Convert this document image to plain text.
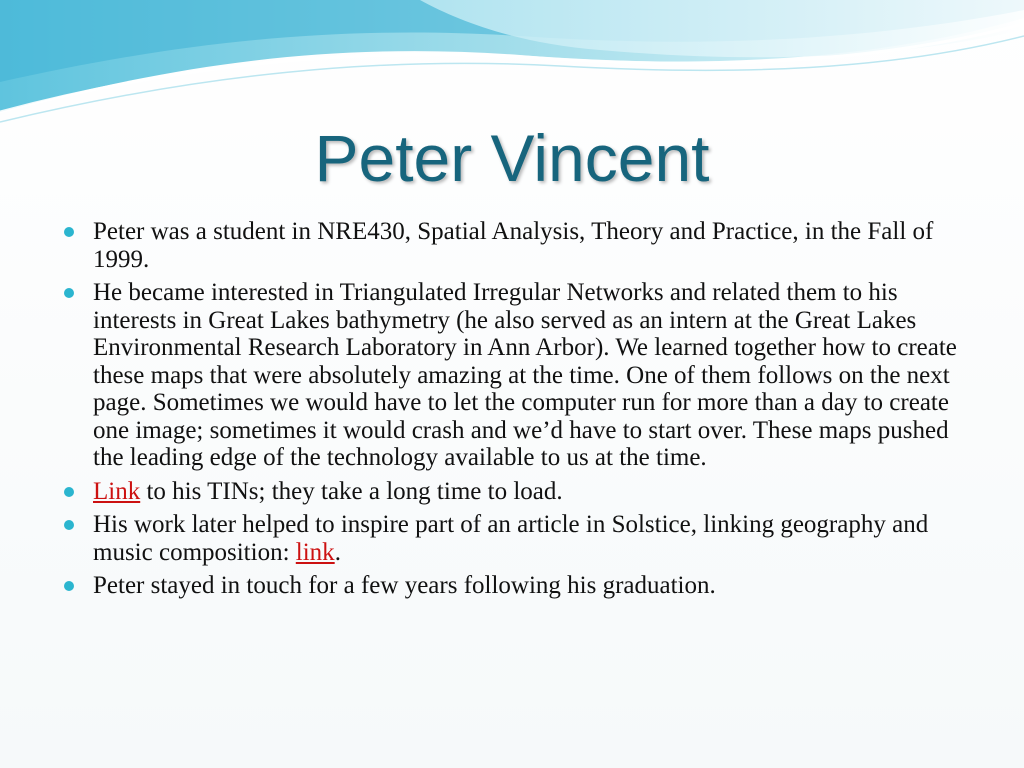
Peter Vincent
Peter was a student in NRE430, Spatial Analysis, Theory and Practice, in the Fall of 1999.
He became interested in Triangulated Irregular Networks and related them to his interests in Great Lakes bathymetry (he also served as an intern at the Great Lakes Environmental Research Laboratory in Ann Arbor). We learned together how to create these maps that were absolutely amazing at the time. One of them follows on the next page. Sometimes we would have to let the computer run for more than a day to create one image; sometimes it would crash and we’d have to start over. These maps pushed the leading edge of the technology available to us at the time.
Link to his TINs; they take a long time to load.
His work later helped to inspire part of an article in Solstice, linking geography and music composition: link.
Peter stayed in touch for a few years following his graduation.
